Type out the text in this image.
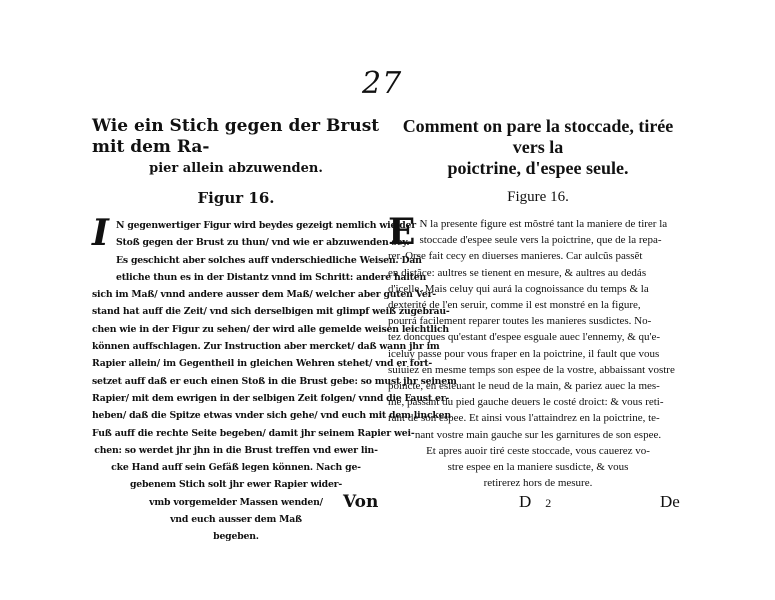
27
Wie ein Stich gegen der Brust mit dem Ra-
pier allein abzuwenden.
Figur 16.
I N gegenwertiger Figur wird beydes gezeigt nemlich wie der

Stoß gegen der Brust zu thun/ vnd wie er abzuwenden sey.

Es geschicht aber solches auff vnderschiedliche Weisen. Dañ

etliche thun es in der Distantz vnnd im Schritt: andere halten

sich im Maß/ vnnd andere ausser dem Maß/ welcher aber guten Ver-

stand hat auff die Zeit/ vnd sich derselbigen mit glimpf weiß zugebrau-

chen wie in der Figur zu sehen/ der wird alle gemelde weisen leichtlich

können auffschlagen. Zur Instruction aber mercket/ daß wann jhr im

Rapier allein/ im Gegentheil in gleichen Wehren stehet/ vnd er fort-

setzet auff daß er euch einen Stoß in die Brust gebe: so must jhr seinem

Rapier/ mit dem ewrigen in der selbigen Zeit folgen/ vnnd die Faust er-

heben/ daß die Spitze etwas vnder sich gehe/ vnd euch mit dem lincken

Fuß auff die rechte Seite begeben/ damit jhr seinem Rapier wei-

chen: so werdet jhr jhn in die Brust treffen vnd ewer lin-

cke Hand auff sein Gefäß legen können. Nach ge-

gebenem Stich solt jhr ewer Rapier wider-

vmb vorgemelder Massen wenden/

vnd euch ausser dem Maß

begeben.

Comment on pare la stoccade, tirée vers la
poictrine, d'espee seule.
Figure 16.
E N la presente figure est mõstré tant la maniere de tirer la

stoccade d'espee seule vers la poictrine, que de la repa-

rer. Orse fait cecy en diuerses manieres. Car aulcũs passẽt

en distãce: aultres se tienent en mesure, & aultres au dedás

d'icelle. Mais celuy qui aurá la cognoissance du temps & la

dexterité de l'en seruir, comme il est monstré en la figure,

pourrá facilement reparer toutes les manieres susdictes. No-

tez doncques qu'estant d'espee esguale auec l'ennemy, & qu'e-

iceluy passe pour vous fraper en la poictrine, il fault que vous

suiuiez en mesme temps son espee de la vostre, abbaissant vostre

poincte, en esleuant le neud de la main, & pariez auec la mes-

me, passant du pied gauche deuers le costé droict: & vous reti-

rant de son espee. Et ainsi vous l'attaindrez en la poictrine, te-

nant vostre main gauche sur les garnitures de son espee.

Et apres auoir tiré ceste stoccade, vous cauerez vo-

stre espee en la maniere susdicte, & vous

retirerez hors de mesure.

Von	D 2	De
